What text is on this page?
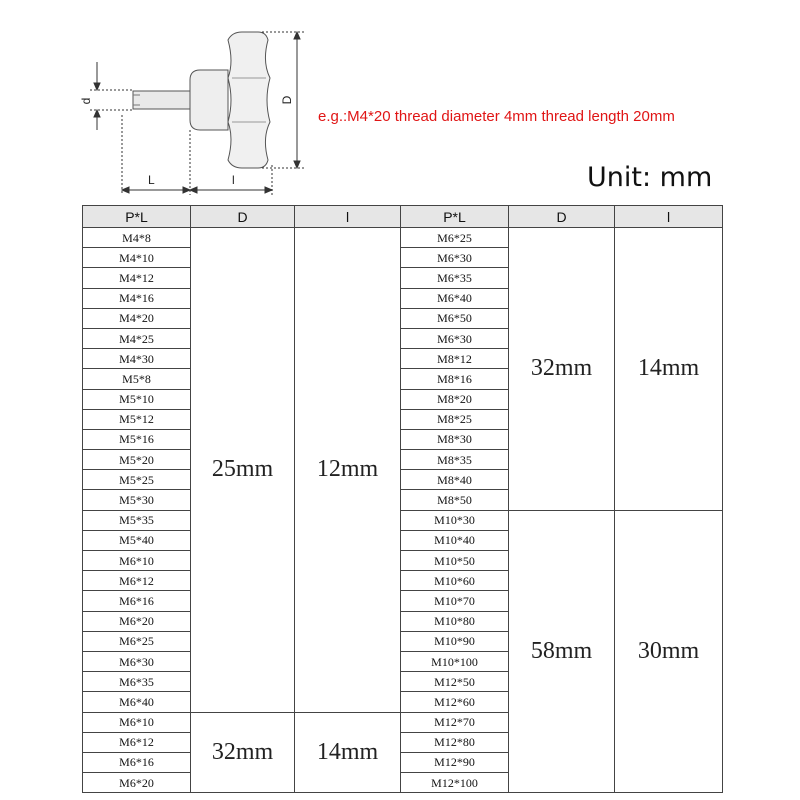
d	D
L	l
e.g.:M4*20 thread diameter 4mm thread length 20mm
Unit: mm
P*L	D	l	P*L	D	l
M4*8	25mm	12mm	M6*25	32mm	14mm
M4*10			M6*30		
M4*12			M6*35		
M4*16			M6*40		
M4*20			M6*50		
M4*25			M6*30		
M4*30			M8*12		
M5*8			M8*16		
M5*10			M8*20		
M5*12			M8*25		
M5*16			M8*30		
M5*20			M8*35		
M5*25			M8*40		
M5*30			M8*50		
M5*35			M10*30	58mm	30mm
M5*40			M10*40		
M6*10			M10*50		
M6*12			M10*60		
M6*16			M10*70		
M6*20			M10*80		
M6*25			M10*90		
M6*30			M10*100		
M6*35			M12*50		
M6*40			M12*60		
M6*10	32mm	14mm	M12*70		
M6*12			M12*80		
M6*16			M12*90		
M6*20			M12*100		
